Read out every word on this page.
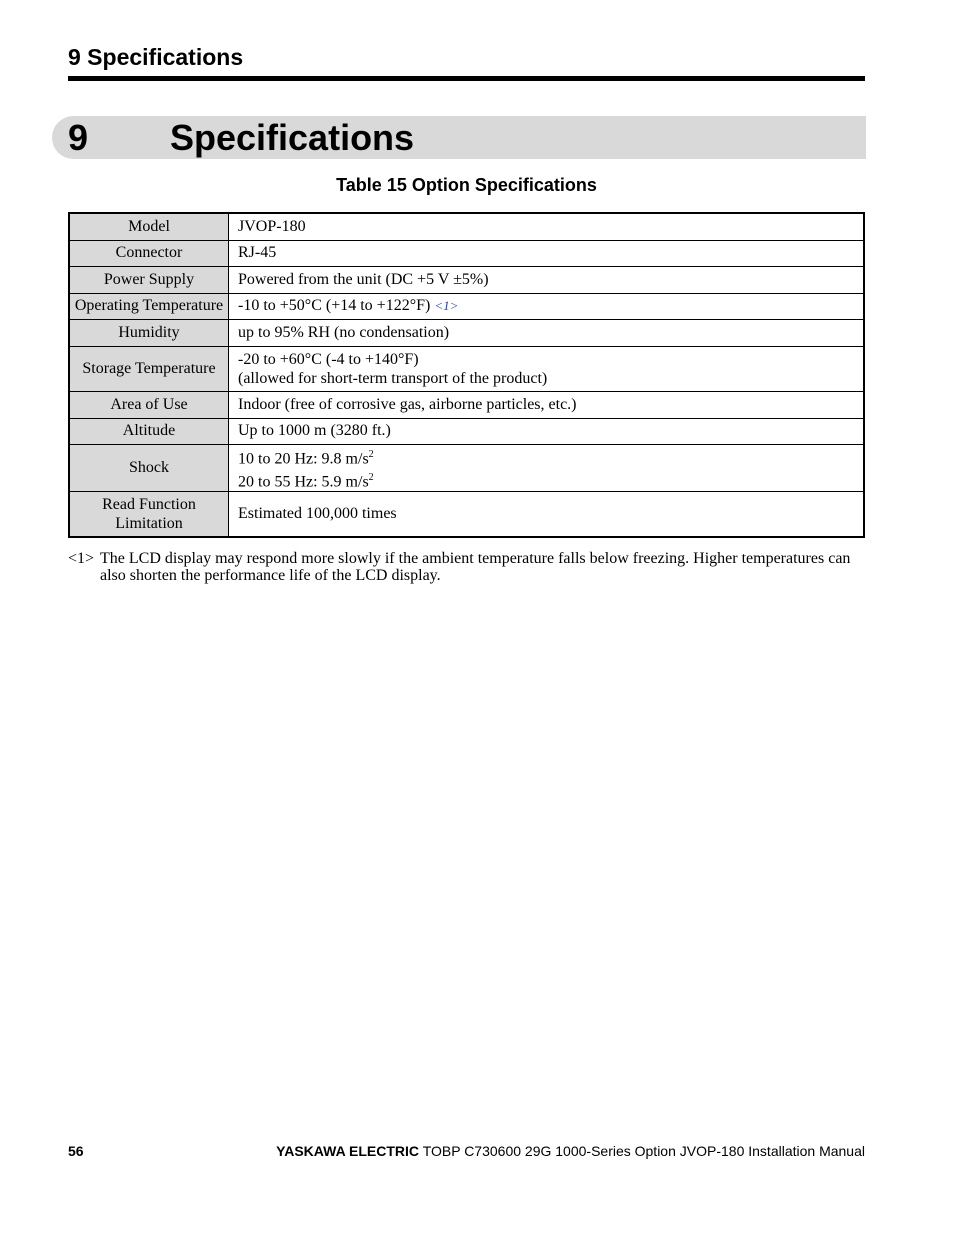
9 Specifications
9 Specifications
Table 15 Option Specifications
Model	JVOP-180
Connector	RJ-45
Power Supply	Powered from the unit (DC +5 V ±5%)
Operating Temperature	-10 to +50°C (+14 to +122°F) <1>
Humidity	up to 95% RH (no condensation)
Storage Temperature	-20 to +60°C (-4 to +140°F)
(allowed for short-term transport of the product)

Area of Use	Indoor (free of corrosive gas, airborne particles, etc.)
Altitude	Up to 1000 m (3280 ft.)
Shock	10 to 20 Hz: 9.8 $m/s^2$
20 to 55 Hz: 5.9 $m/s^2$

Read Function
Limitation	Estimated 100,000 times
<1> The LCD display may respond more slowly if the ambient temperature falls below freezing. Higher temperatures can also shorten the performance life of the LCD display.
56	YASKAWA ELECTRIC TOBP C730600 29G 1000-Series Option JVOP-180 Installation Manual
